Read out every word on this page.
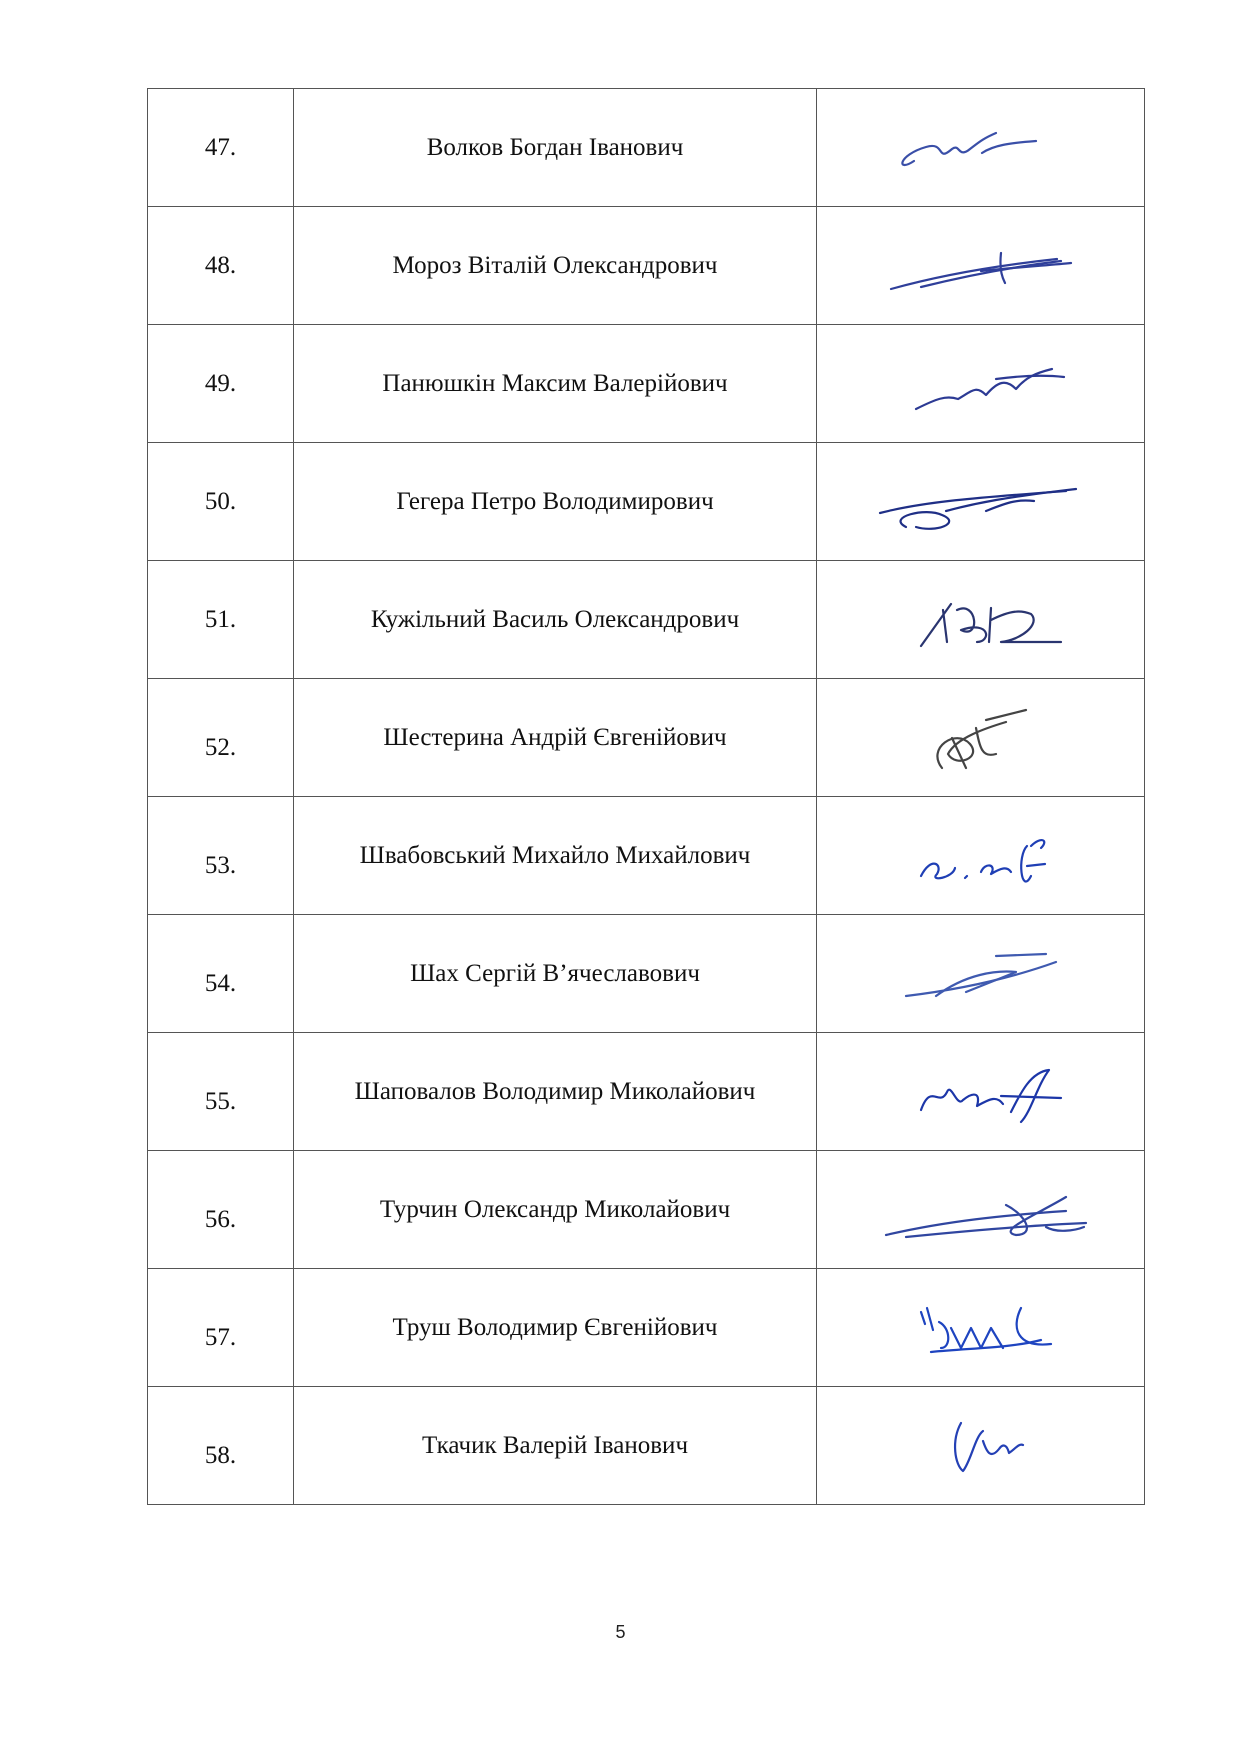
47.	Волков Богдан Іванович	

48.	Мороз Віталій Олександрович	

49.	Панюшкін Максим Валерійович	

50.	Гегера Петро Володимирович	

51.	Кужільний Василь Олександрович	

52.	Шестерина Андрій Євгенійович	

53.	Швабовський Михайло Михайлович	

54.	Шах Сергій В’ячеславович	

55.	Шаповалов Володимир Миколайович	

56.	Турчин Олександр Миколайович	

57.	Труш Володимир Євгенійович	

58.	Ткачик Валерій Іванович	
5
